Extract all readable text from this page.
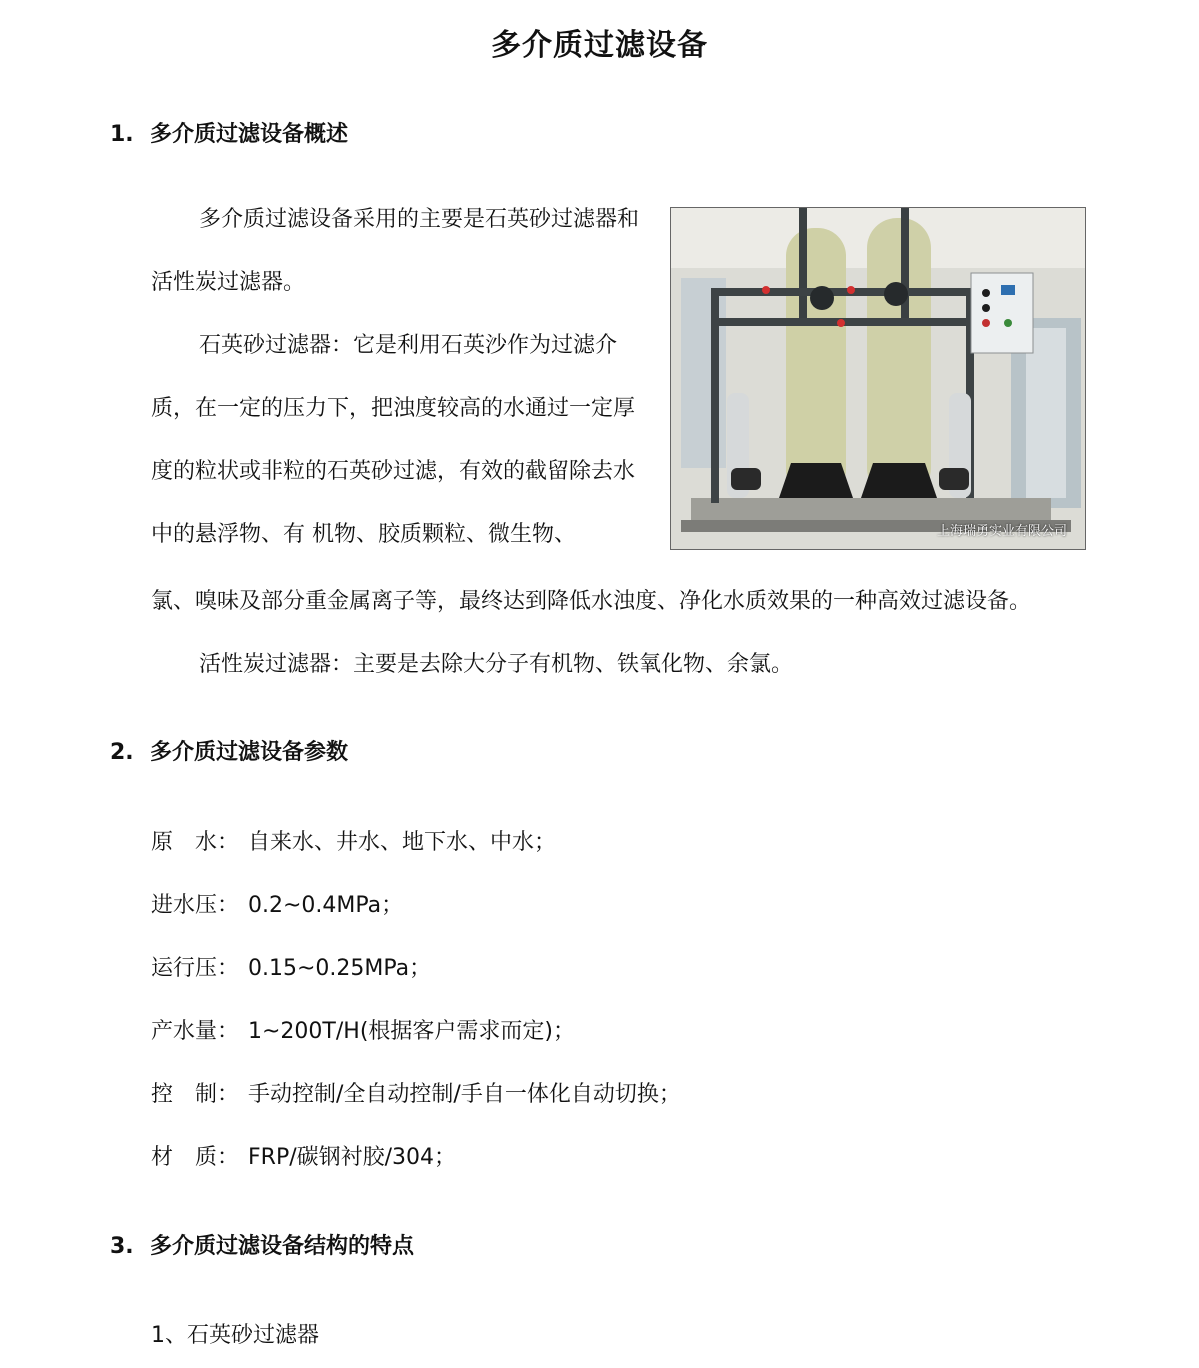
多介质过滤设备
1. 多介质过滤设备概述

多介质过滤设备采用的主要是石英砂过滤器和活性炭过滤器。

石英砂过滤器：它是利用石英沙作为过滤介质，在一定的压力下，把浊度较高的水通过一定厚度的粒状或非粒的石英砂过滤，有效的截留除去水中的悬浮物、有 机物、胶质颗粒、微生物、

氯、嗅味及部分重金属离子等，最终达到降低水浊度、净化水质效果的一种高效过滤设备。
活性炭过滤器：主要是去除大分子有机物、铁氧化物、余氯。
上海瑞勇实业有限公司
2. 多介质过滤设备参数
原　水： 自来水、井水、地下水、中水；
进水压： 0.2~0.4MPa；
运行压： 0.15~0.25MPa；
产水量： 1~200T/H(根据客户需求而定)；
控　制： 手动控制/全自动控制/手自一体化自动切换；
材　质： FRP/碳钢衬胶/304；
3. 多介质过滤设备结构的特点
1、石英砂过滤器
